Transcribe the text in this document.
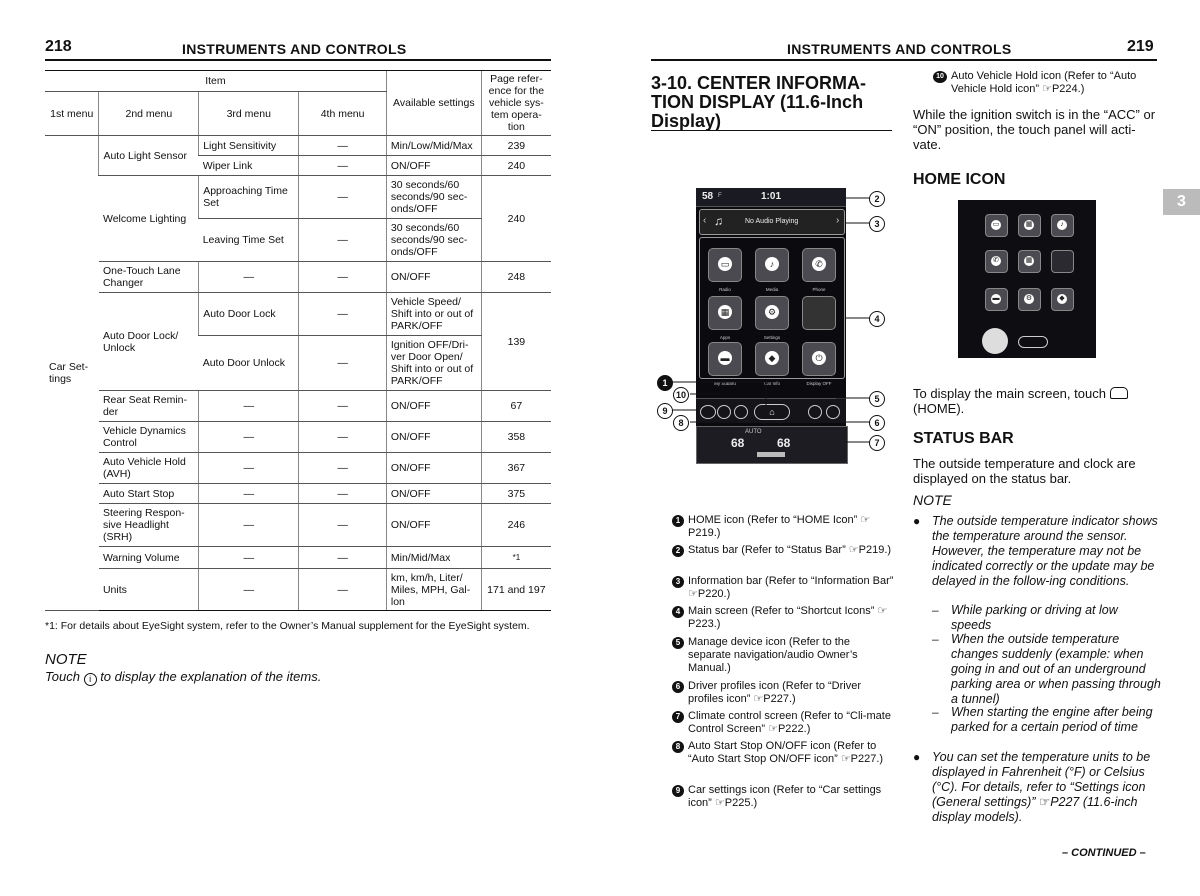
218	INSTRUMENTS AND CONTROLS
Item				Available settings	Page refer-ence for the vehicle sys-tem opera-tion
1st menu	2nd menu	3rd menu	4th menu		
Car Set-tings	Auto Light Sensor	Light Sensitivity	—	Min/Low/Mid/Max	239
		Wiper Link	—	ON/OFF	240
	Welcome Lighting	Approaching Time Set	—	30 seconds/60 seconds/90 sec-onds/OFF	240
		Leaving Time Set	—	30 seconds/60 seconds/90 sec-onds/OFF	
	One-Touch Lane Changer	—	—	ON/OFF	248
	Auto Door Lock/ Unlock	Auto Door Lock	—	Vehicle Speed/ Shift into or out of PARK/OFF	139
		Auto Door Unlock	—	Ignition OFF/Dri-ver Door Open/ Shift into or out of PARK/OFF	
	Rear Seat Remin-der	—	—	ON/OFF	67
	Vehicle Dynamics Control	—	—	ON/OFF	358
	Auto Vehicle Hold (AVH)	—	—	ON/OFF	367
	Auto Start Stop	—	—	ON/OFF	375
	Steering Respon-sive Headlight (SRH)	—	—	ON/OFF	246
	Warning Volume	—	—	Min/Mid/Max	*1
	Units	—	—	km, km/h, Liter/ Miles, MPH, Gal-lon	171 and 197
*1: For details about EyeSight system, refer to the Owner’s Manual supplement for the EyeSight system.
NOTE
Touch i to display the explanation of the items.
INSTRUMENTS AND CONTROLS	219
3-10. CENTER INFORMA-
TION DISPLAY (11.6-Inch
Display)
3
58 F	1:01
‹ ♫	No Audio Playing	›
▭
Radio
♪
Media
✆
Phone
▦
Apps
⚙
Settings
▬
My Subaru
◆
Car Info
⏻
Display OFF
⌂
AUTO
68	68
2
3
4
1
10
9
8
5
6
7
1 HOME icon (Refer to “HOME Icon” ☞P219.)
2 Status bar (Refer to “Status Bar” ☞P219.)
3 Information bar (Refer to “Information Bar” ☞P220.)
4 Main screen (Refer to “Shortcut Icons” ☞P223.)
5 Manage device icon (Refer to the separate navigation/audio Owner’s Manual.)
6 Driver profiles icon (Refer to “Driver profiles icon” ☞P227.)
7 Climate control screen (Refer to “Cli-mate Control Screen” ☞P222.)
8 Auto Start Stop ON/OFF icon (Refer to “Auto Start Stop ON/OFF icon” ☞P227.)
9 Car settings icon (Refer to “Car settings icon” ☞P225.)
10 Auto Vehicle Hold icon (Refer to “Auto Vehicle Hold icon” ☞P224.)
While the ignition switch is in the “ACC” or “ON” position, the touch panel will acti-vate.
HOME ICON
▭	▦	♪
✆	▦
▬	⚙	◆
To display the main screen, touch  (HOME).
STATUS BAR
The outside temperature and clock are displayed on the status bar.
NOTE
● The outside temperature indicator shows the temperature around the sensor. However, the temperature may not be indicated correctly or the update may be delayed in the follow-ing conditions.
– While parking or driving at low speeds
– When the outside temperature changes suddenly (example: when going in and out of an underground parking area or when passing through a tunnel)
– When starting the engine after being parked for a certain period of time
● You can set the temperature units to be displayed in Fahrenheit (°F) or Celsius (°C). For details, refer to “Settings icon (General settings)” ☞P227 (11.6-inch display models).
– CONTINUED –
